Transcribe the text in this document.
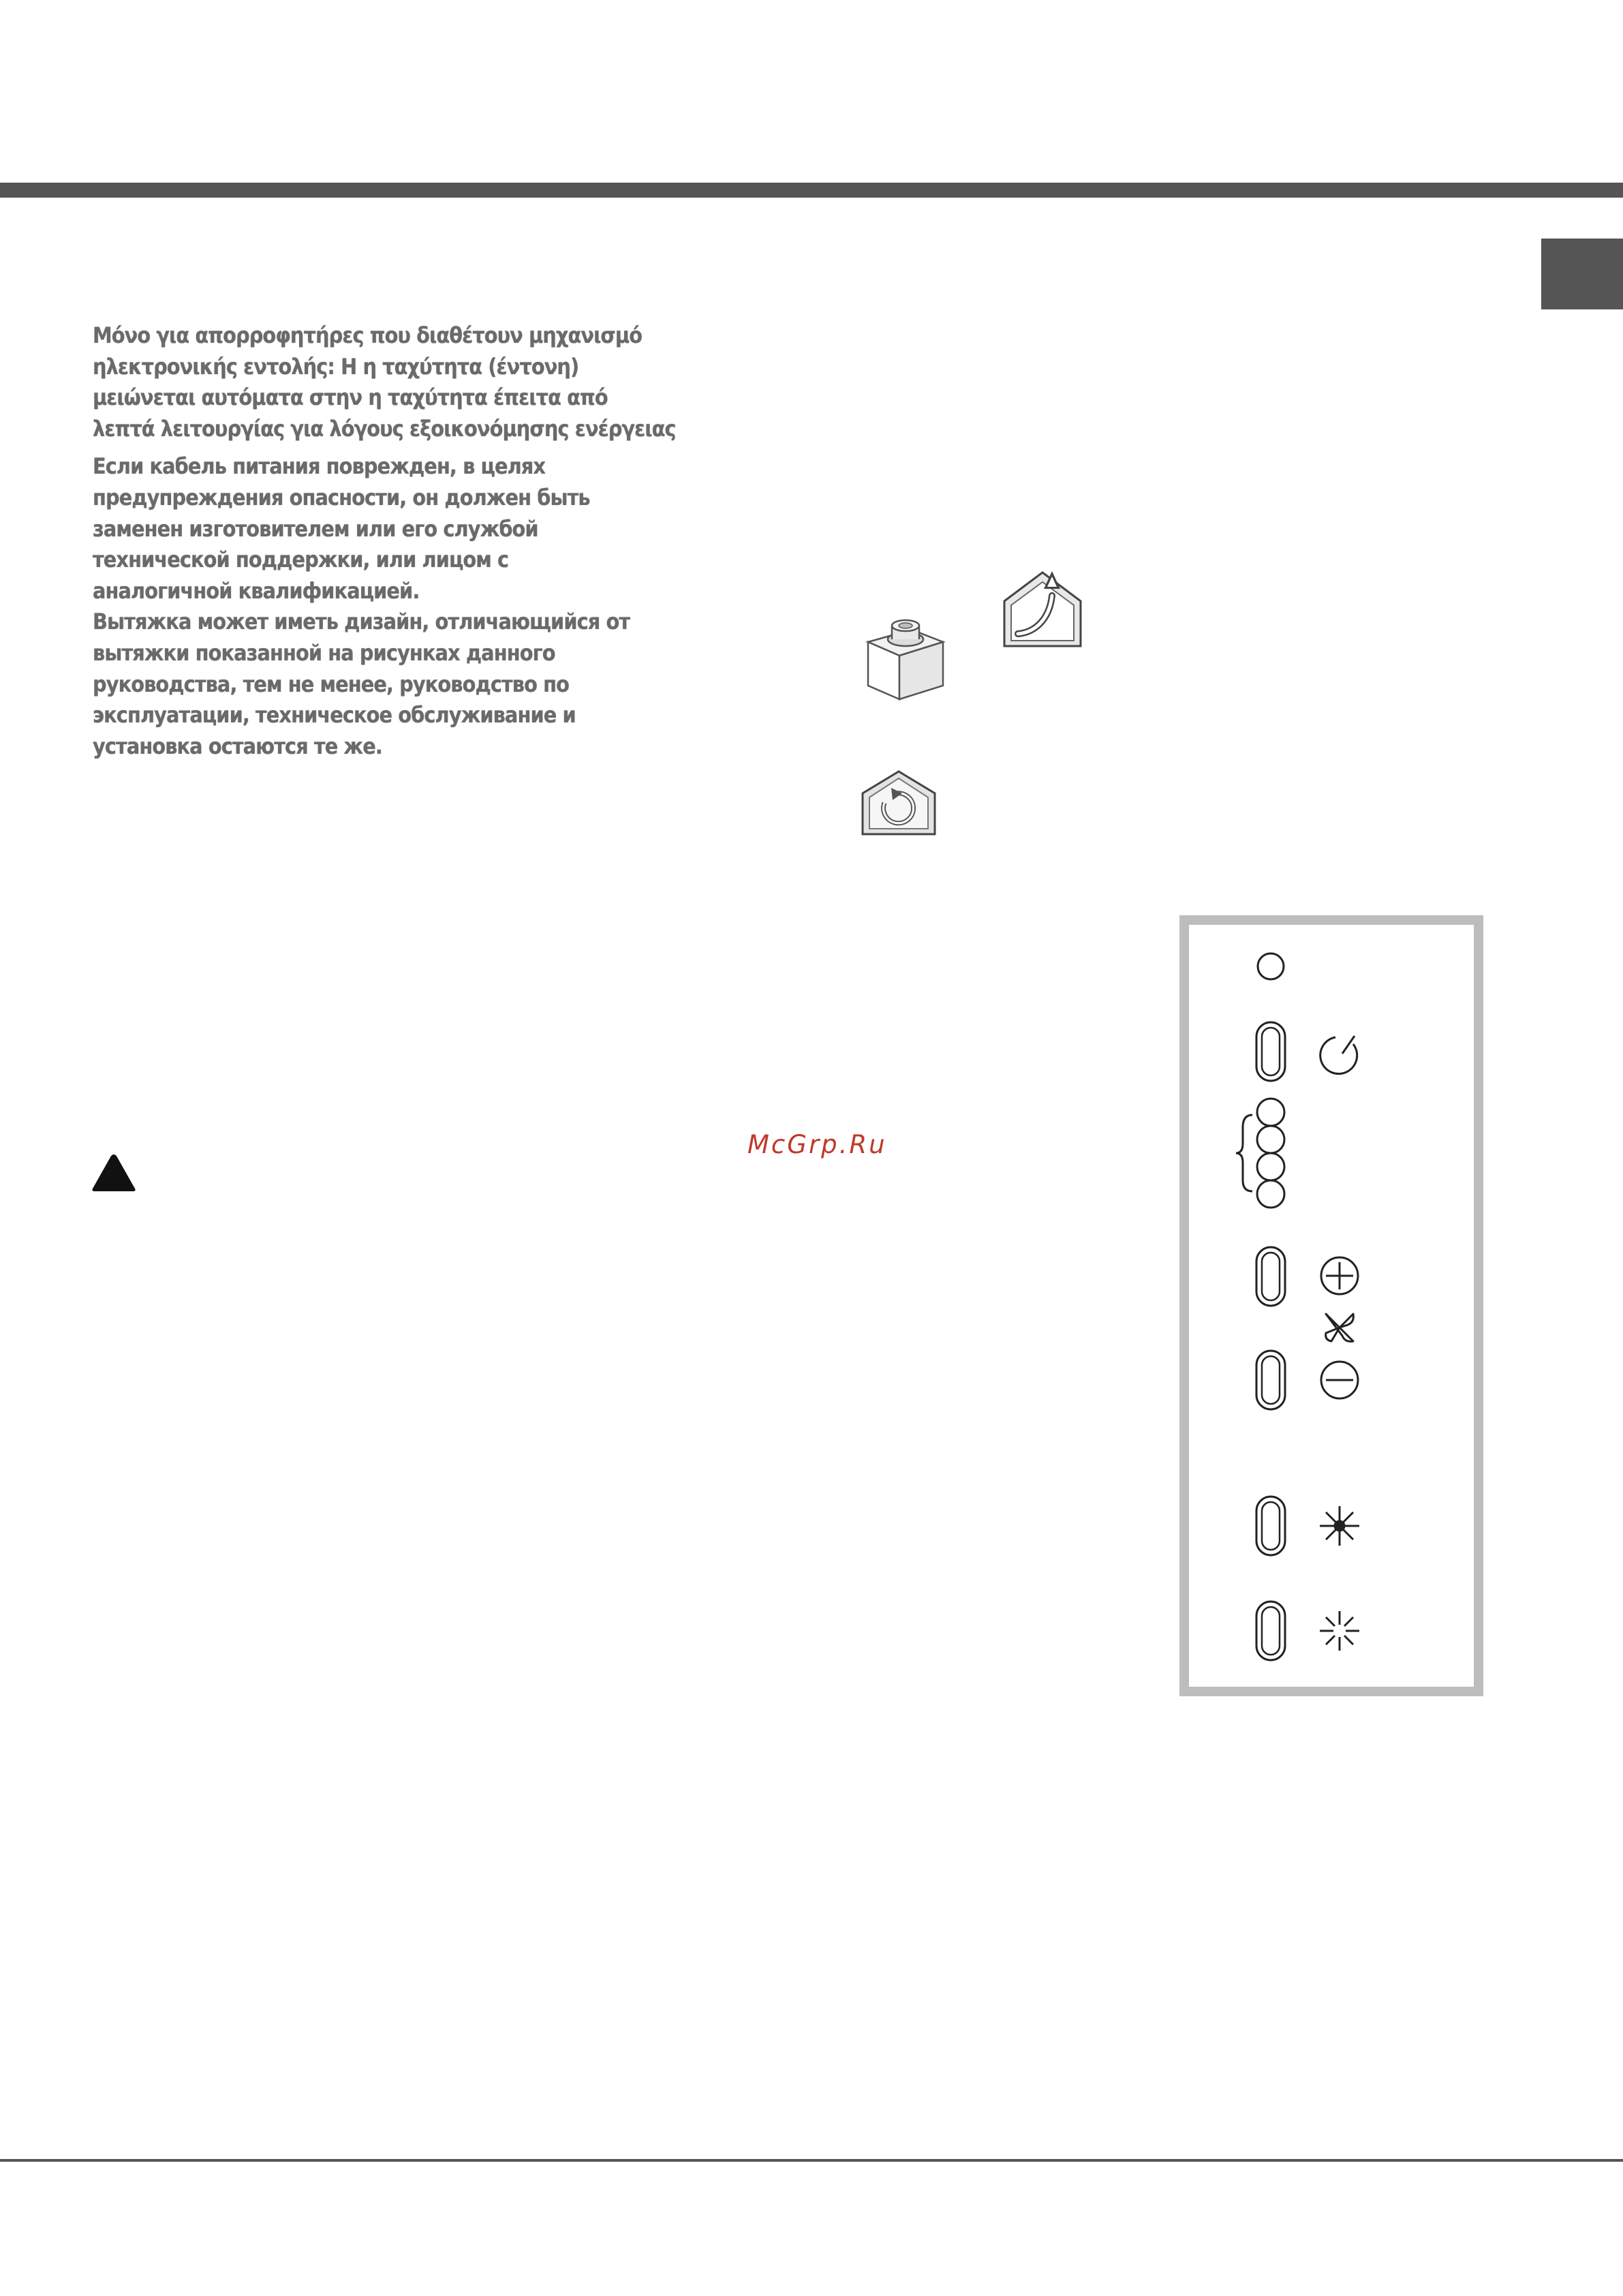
Μόνο για απορροφητήρες που διαθέτουν μηχανισμό
ηλεκτρονικής εντολής: Η η ταχύτητα (έντονη)
μειώνεται αυτόματα στην η ταχύτητα έπειτα από
λεπτά λειτουργίας για λόγους εξοικονόμησης ενέργειας
Если кабель питания поврежден, в целях
предупреждения опасности, он должен быть
заменен изготовителем или его службой
технической поддержки, или лицом с
аналогичной квалификацией.
Вытяжка может иметь дизайн, отличающийся от
вытяжки показанной на рисунках данного
руководства, тем не менее, руководство по
эксплуатации, техническое обслуживание и
установка остаются те же.
McGrp.Ru
